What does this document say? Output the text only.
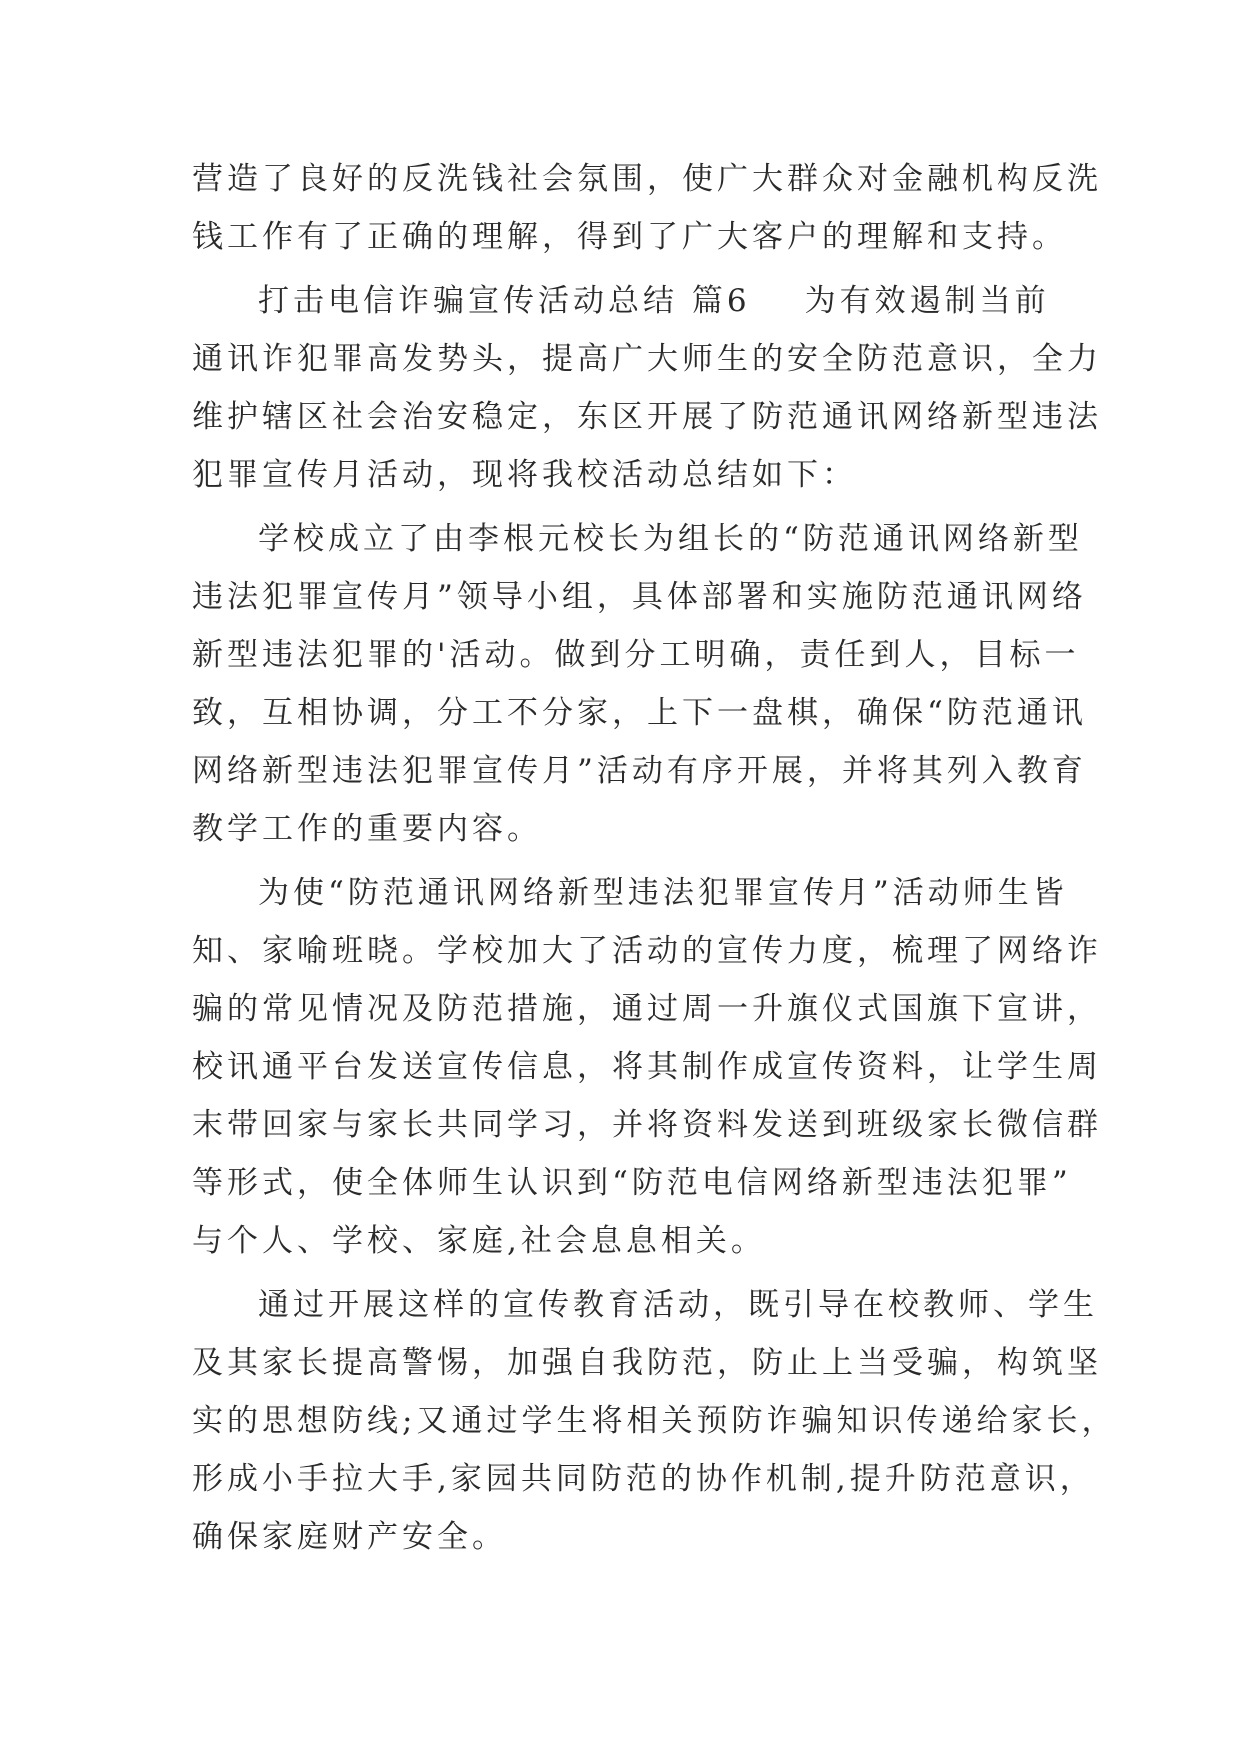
营造了良好的反洗钱社会氛围，使广大群众对金融机构反洗
钱工作有了正确的理解，得到了广大客户的理解和支持。
打击电信诈骗宣传活动总结 篇6 为有效遏制当前
通讯诈犯罪高发势头，提高广大师生的安全防范意识，全力
维护辖区社会治安稳定，东区开展了防范通讯网络新型违法
犯罪宣传月活动，现将我校活动总结如下：
学校成立了由李根元校长为组长的“防范通讯网络新型
违法犯罪宣传月”领导小组，具体部署和实施防范通讯网络
新型违法犯罪的'活动。做到分工明确，责任到人，目标一
致，互相协调，分工不分家，上下一盘棋，确保“防范通讯
网络新型违法犯罪宣传月”活动有序开展，并将其列入教育
教学工作的重要内容。
为使“防范通讯网络新型违法犯罪宣传月”活动师生皆
知、家喻班晓。学校加大了活动的宣传力度，梳理了网络诈
骗的常见情况及防范措施，通过周一升旗仪式国旗下宣讲，
校讯通平台发送宣传信息，将其制作成宣传资料，让学生周
末带回家与家长共同学习，并将资料发送到班级家长微信群
等形式，使全体师生认识到“防范电信网络新型违法犯罪”
与个人、学校、家庭,社会息息相关。
通过开展这样的宣传教育活动，既引导在校教师、学生
及其家长提高警惕，加强自我防范，防止上当受骗，构筑坚
实的思想防线;又通过学生将相关预防诈骗知识传递给家长，
形成小手拉大手,家园共同防范的协作机制,提升防范意识，
确保家庭财产安全。
